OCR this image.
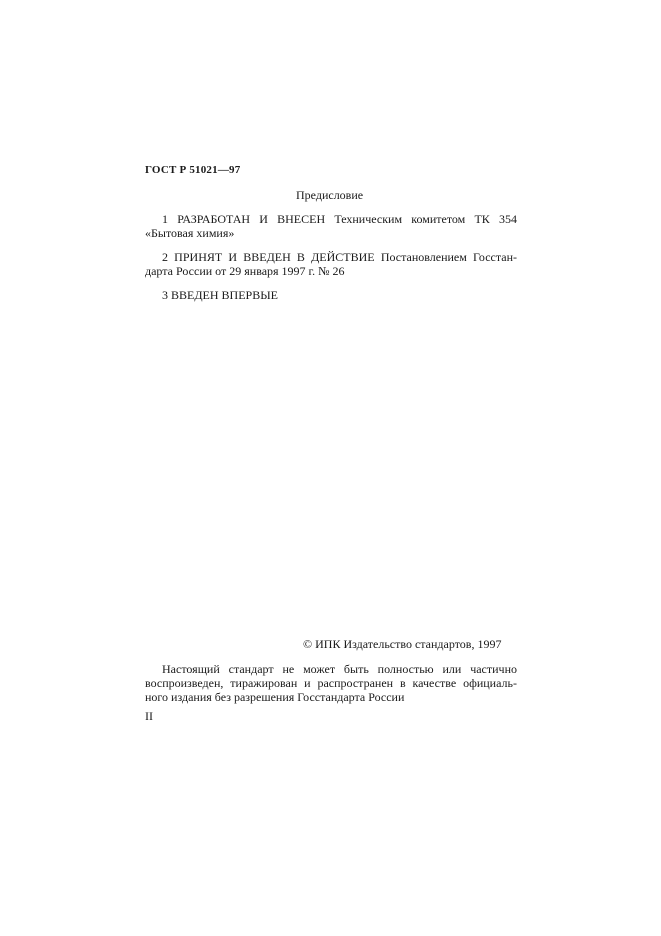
ГОСТ Р 51021—97
Предисловие
1 РАЗРАБОТАН И ВНЕСЕН Техническим комитетом ТК 354
«Бытовая химия»
2 ПРИНЯТ И ВВЕДЕН В ДЕЙСТВИЕ Постановлением Госстан-
дарта России от 29 января 1997 г. № 26
3 ВВЕДЕН ВПЕРВЫЕ
© ИПК Издательство стандартов, 1997
Настоящий стандарт не может быть полностью или частично
воспроизведен, тиражирован и распространен в качестве официаль-
ного издания без разрешения Госстандарта России
II
